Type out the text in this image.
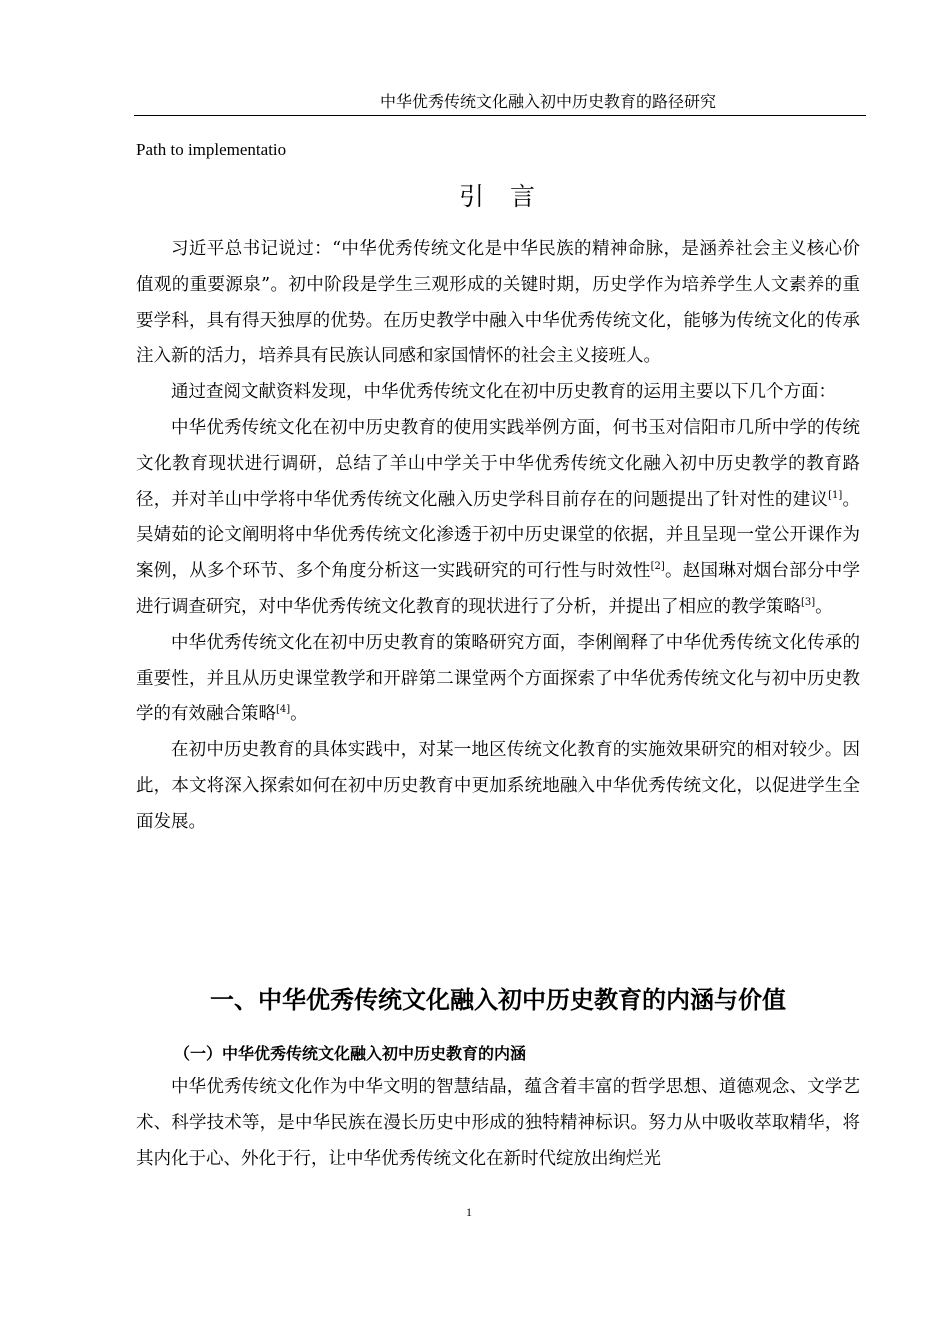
中华优秀传统文化融入初中历史教育的路径研究
Path to implementatio
引言

习近平总书记说过：“中华优秀传统文化是中华民族的精神命脉，是涵养社会主义核心价值观的重要源泉”。初中阶段是学生三观形成的关键时期，历史学作为培养学生人文素养的重要学科，具有得天独厚的优势。在历史教学中融入中华优秀传统文化，能够为传统文化的传承注入新的活力，培养具有民族认同感和家国情怀的社会主义接班人。

通过查阅文献资料发现，中华优秀传统文化在初中历史教育的运用主要以下几个方面：

中华优秀传统文化在初中历史教育的使用实践举例方面，何书玉对信阳市几所中学的传统文化教育现状进行调研，总结了羊山中学关于中华优秀传统文化融入初中历史教学的教育路径，并对羊山中学将中华优秀传统文化融入历史学科目前存在的问题提出了针对性的建议[1]。吴婧茹的论文阐明将中华优秀传统文化渗透于初中历史课堂的依据，并且呈现一堂公开课作为案例，从多个环节、多个角度分析这一实践研究的可行性与时效性[2]。赵国琳对烟台部分中学进行调查研究，对中华优秀传统文化教育的现状进行了分析，并提出了相应的教学策略[3]。

中华优秀传统文化在初中历史教育的策略研究方面，李俐阐释了中华优秀传统文化传承的重要性，并且从历史课堂教学和开辟第二课堂两个方面探索了中华优秀传统文化与初中历史教学的有效融合策略[4]。

在初中历史教育的具体实践中，对某一地区传统文化教育的实施效果研究的相对较少。因此，本文将深入探索如何在初中历史教育中更加系统地融入中华优秀传统文化，以促进学生全面发展。

一、中华优秀传统文化融入初中历史教育的内涵与价值
（一）中华优秀传统文化融入初中历史教育的内涵

中华优秀传统文化作为中华文明的智慧结晶，蕴含着丰富的哲学思想、道德观念、文学艺术、科学技术等，是中华民族在漫长历史中形成的独特精神标识。努力从中吸收萃取精华，将其内化于心、外化于行，让中华优秀传统文化在新时代绽放出绚烂光

1
